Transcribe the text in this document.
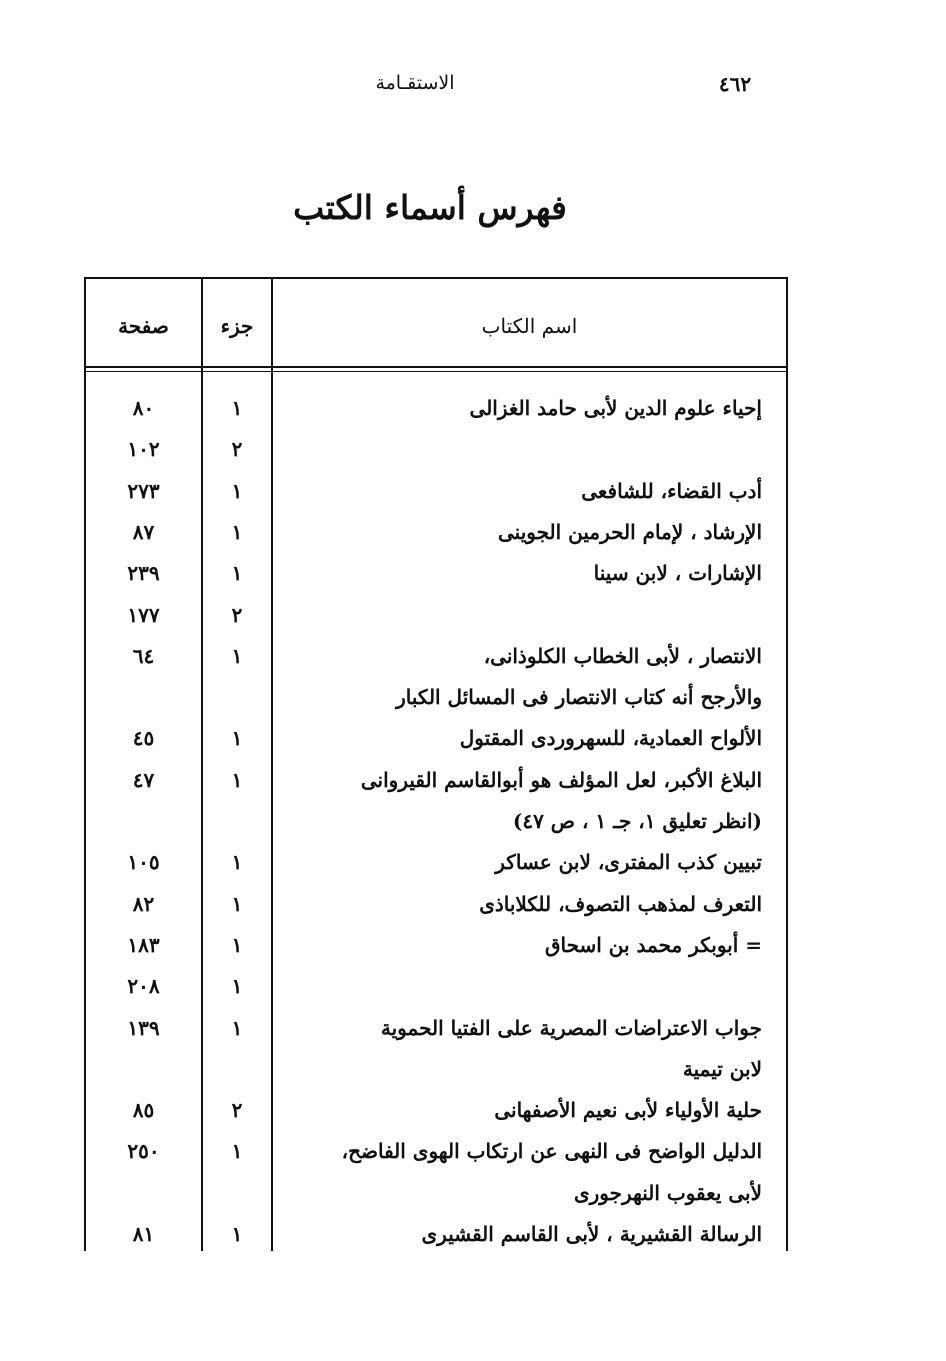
الاستقـامة	٤٦٢
فهرس أسماء الكتب
اسم الكتاب
جزء
صفحة
إحياء علوم الدين لأبى حامد الغزالى
١
٨٠
٢
١٠٢
أدب القضاء، للشافعى
١
٢٧٣
الإرشاد ، لإمام الحرمين الجوينى
١
٨٧
الإشارات ، لابن سينا
١
٢٣٩
٢
١٧٧
الانتصار ، لأبى الخطاب الكلوذانى،
١
٦٤
والأرجح أنه كتاب الانتصار فى المسائل الكبار
الألواح العمادية، للسهروردى المقتول
١
٤٥
البلاغ الأكبر، لعل المؤلف هو أبوالقاسم القيروانى
١
٤٧
(انظر تعليق ١، جـ ١ ، ص ٤٧)
تبيين كذب المفترى، لابن عساكر
١
١٠٥
التعرف لمذهب التصوف، للكلاباذى
١
٨٢
= أبوبكر محمد بن اسحاق
١
١٨٣
١
٢٠٨
جواب الاعتراضات المصرية على الفتيا الحموية
١
١٣٩
لابن تيمية
حلية الأولياء لأبى نعيم الأصفهانى
٢
٨٥
الدليل الواضح فى النهى عن ارتكاب الهوى الفاضح،
١
٢٥٠
لأبى يعقوب النهرجورى
الرسالة القشيرية ، لأبى القاسم القشيرى
١
٨١
